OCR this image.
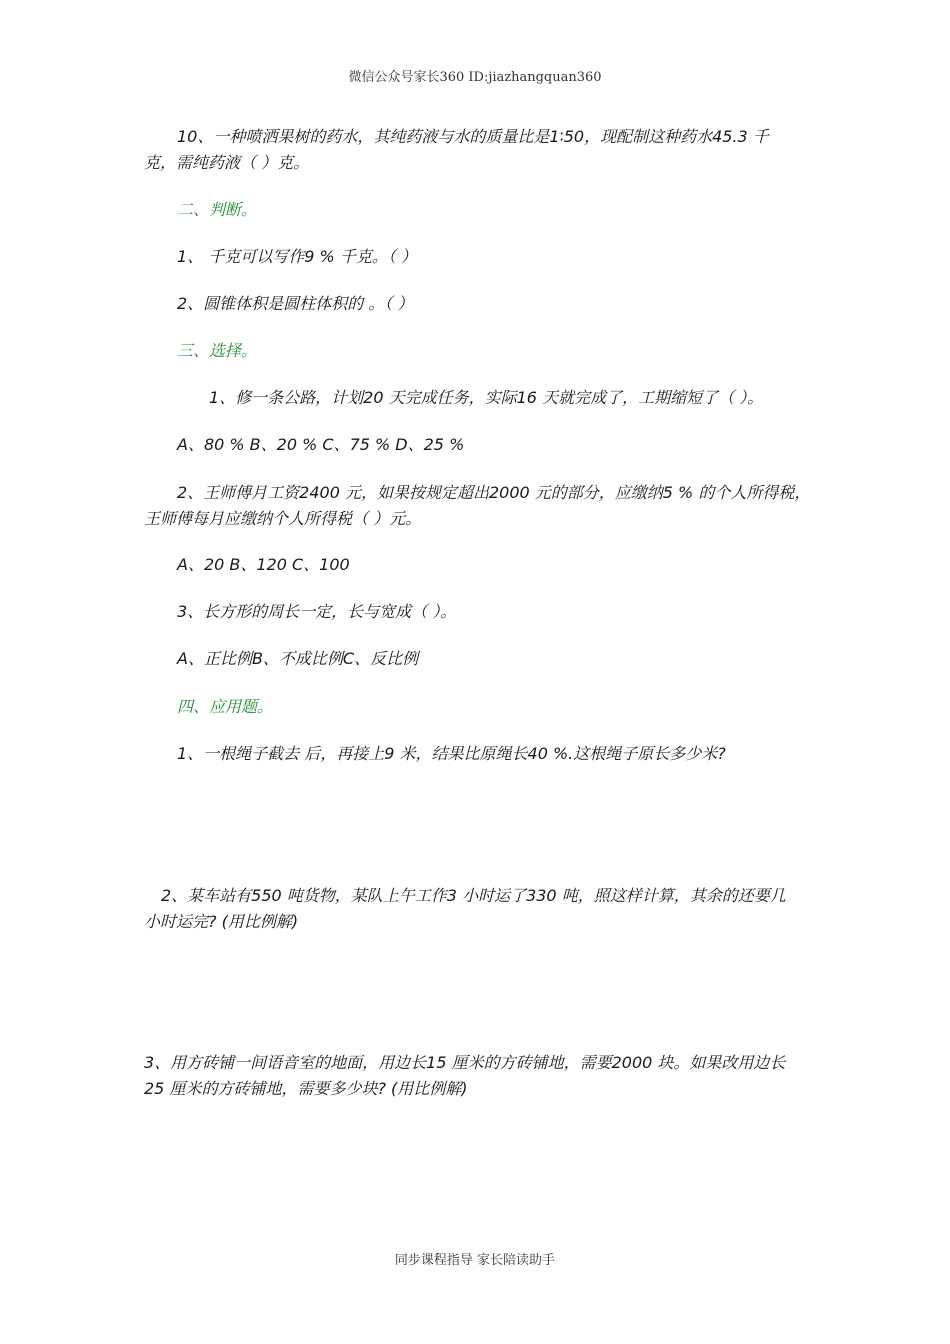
微信公众号家长360 ID:jiazhangquan360
10、一种喷洒果树的药水，其纯药液与水的质量比是1∶50，现配制这种药水45.3 千
克，需纯药液（ ）克。
二、判断。
1、 千克可以写作9 % 千克。（ ）
2、圆锥体积是圆柱体积的 。（ ）
三、选择。
1、修一条公路，计划20 天完成任务，实际16 天就完成了，工期缩短了（ ）。
A、80 % B、20 % C、75 % D、25 %
2、王师傅月工资2400 元，如果按规定超出2000 元的部分，应缴纳5 % 的个人所得税，
王师傅每月应缴纳个人所得税（ ）元。
A、20 B、120 C、100
3、长方形的周长一定，长与宽成（ ）。
A、正比例B、不成比例C、反比例
四、应用题。
1、一根绳子截去 后，再接上9 米，结果比原绳长40 %.这根绳子原长多少米?
2、某车站有550 吨货物，某队上午工作3 小时运了330 吨，照这样计算，其余的还要几
小时运完? (用比例解)
3、用方砖铺一间语音室的地面，用边长15 厘米的方砖铺地，需要2000 块。如果改用边长
25 厘米的方砖铺地，需要多少块? (用比例解)
同步课程指导 家长陪读助手
